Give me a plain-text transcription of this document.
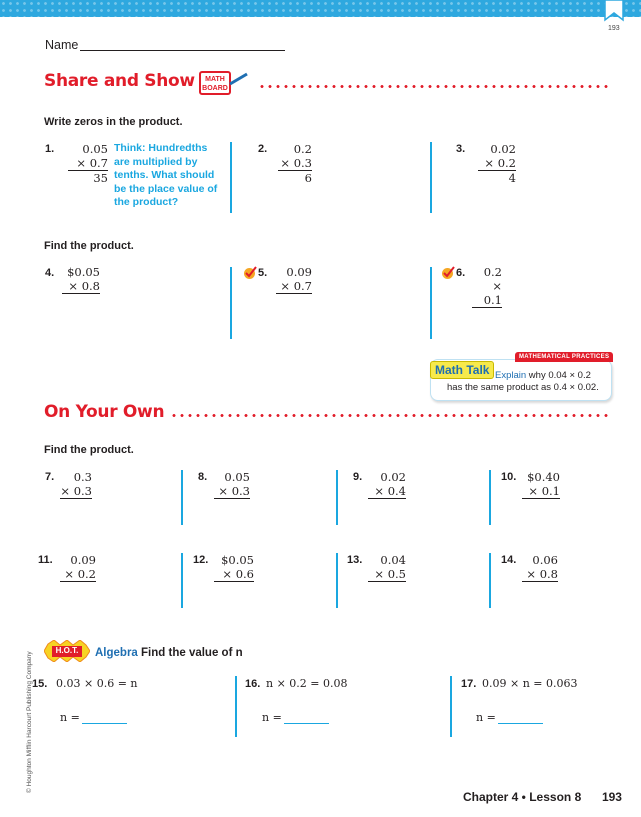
193
Name
Share and Show MATH
BOARD
Write zeros in the product.
1.	0.05
× 0.7
35
Think: Hundredths are multiplied by tenths. What should be the place value of the product?
2.	0.2
× 0.3
6
3.	0.02
× 0.2
4
Find the product.
4.	$0.05
× 0.8
5.	0.09
× 0.7
6.	0.2
× 0.1
MATHEMATICAL PRACTICES
Math Talk Explain why 0.04 × 0.2 has the same product as 0.4 × 0.02.
On Your Own
Find the product.
7.	0.3
× 0.3
8.	0.05
× 0.3
9.	0.02
× 0.4
10. $0.40
× 0.1
11.	0.09
× 0.2
12.	$0.05
× 0.6
13.	0.04
× 0.5
14.	0.06
× 0.8
H.O.T.	Algebra Find the value of n
15. 0.03 × 0.6 = n
n =
16. n × 0.2 = 0.08
n =
17. 0.09 × n = 0.063
n =
© Houghton Mifflin Harcourt Publishing Company
Chapter 4 • Lesson 8 193
